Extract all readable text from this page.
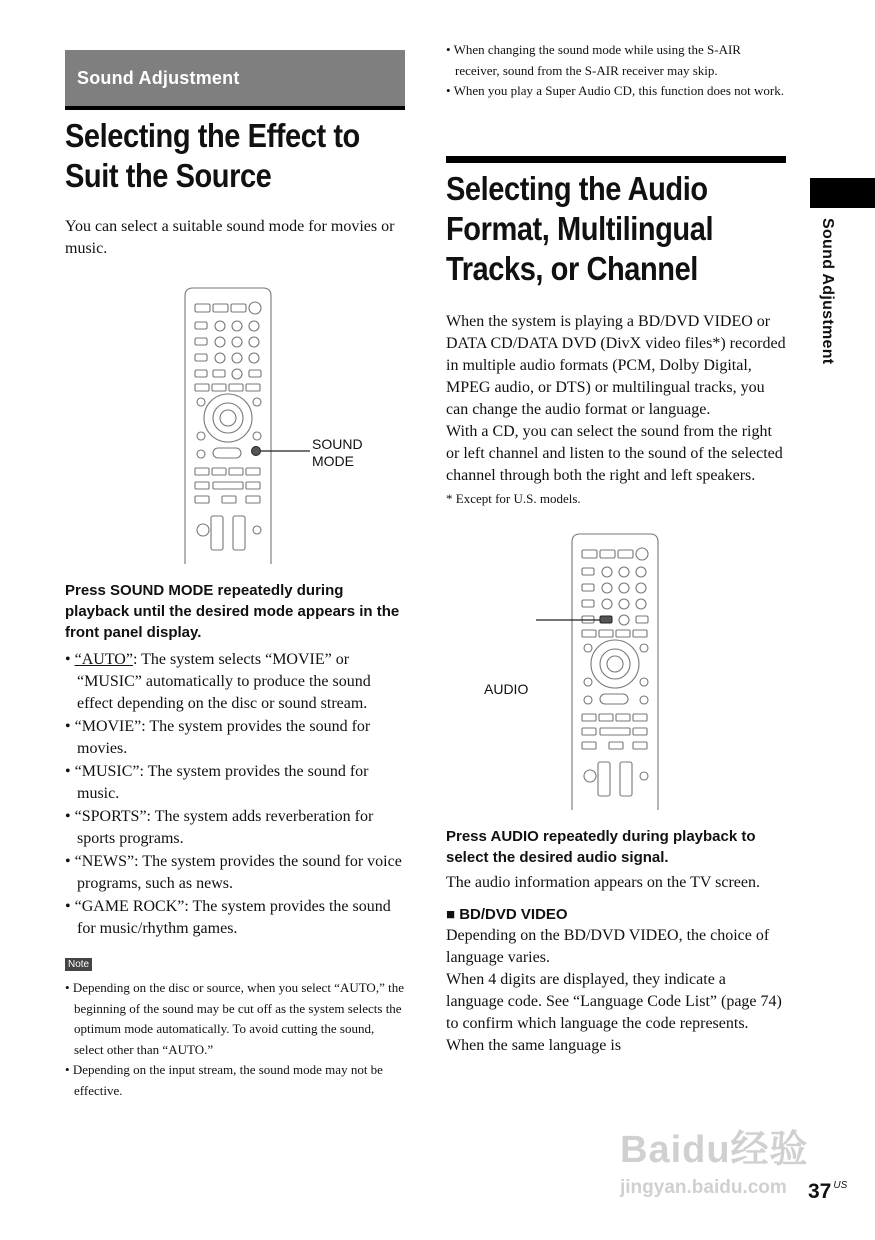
Sound Adjustment
Selecting the Effect to
Suit the Source

You can select a suitable sound mode for movies or music.

SOUND
MODE

Press SOUND MODE repeatedly during playback until the desired mode appears in the front panel display.

• “AUTO”: The system selects “MOVIE” or “MUSIC” automatically to produce the sound effect depending on the disc or sound stream.
• “MOVIE”: The system provides the sound for movies.
• “MUSIC”: The system provides the sound for music.
• “SPORTS”: The system adds reverberation for sports programs.
• “NEWS”: The system provides the sound for voice programs, such as news.
• “GAME ROCK”: The system provides the sound for music/rhythm games.
Note
• Depending on the disc or source, when you select “AUTO,” the beginning of the sound may be cut off as the system selects the optimum mode automatically. To avoid cutting the sound, select other than “AUTO.”
• Depending on the input stream, the sound mode may not be effective.
• When changing the sound mode while using the S-AIR receiver, sound from the S-AIR receiver may skip.
• When you play a Super Audio CD, this function does not work.
Selecting the Audio
Format, Multilingual
Tracks, or Channel

When the system is playing a BD/DVD VIDEO or DATA CD/DATA DVD (DivX video files*) recorded in multiple audio formats (PCM, Dolby Digital, MPEG audio, or DTS) or multilingual tracks, you can change the audio format or language.

With a CD, you can select the sound from the right or left channel and listen to the sound of the selected channel through both the right and left speakers.

* Except for U.S. models.

AUDIO

Press AUDIO repeatedly during playback to select the desired audio signal.

The audio information appears on the TV screen.

■ BD/DVD VIDEO

Depending on the BD/DVD VIDEO, the choice of language varies.

When 4 digits are displayed, they indicate a language code. See “Language Code List” (page 74) to confirm which language the code represents. When the same language is

Sound Adjustment
Baidu经验
jingyan.baidu.com	37 $^{US}$
